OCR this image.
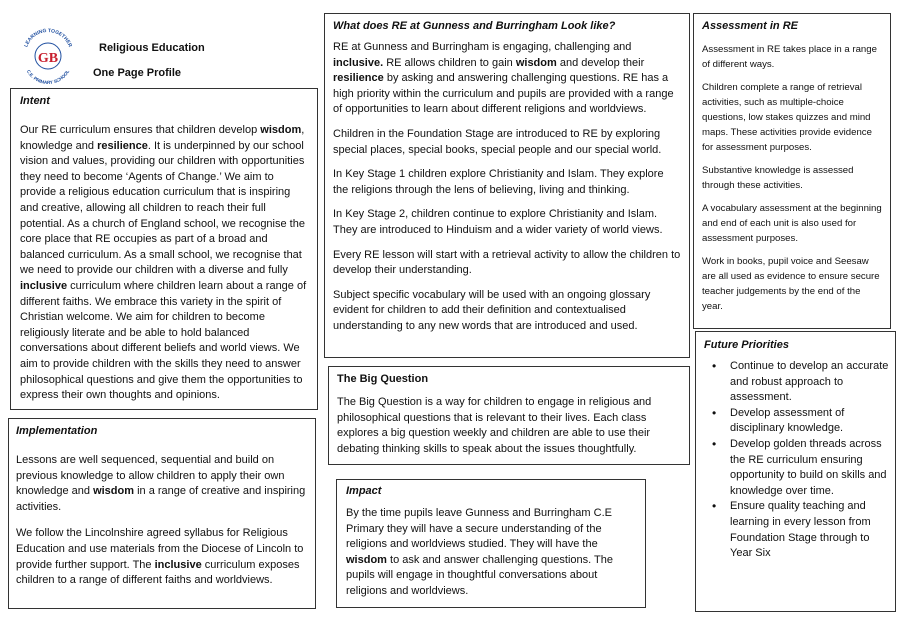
LEARNING TOGETHER
GB
C.E. PRIMARY SCHOOL
Religious Education
One Page Profile
Intent

Our RE curriculum ensures that children develop wisdom, knowledge and resilience. It is underpinned by our school vision and values, providing our children with opportunities they need to become ‘Agents of Change.’ We aim to provide a religious education curriculum that is inspiring and creative, allowing all children to reach their full potential. As a church of England school, we recognise the core place that RE occupies as part of a broad and balanced curriculum. As a small school, we recognise that we need to provide our children with a diverse and fully inclusive curriculum where children learn about a range of different faiths. We embrace this variety in the spirit of Christian welcome. We aim for children to become religiously literate and be able to hold balanced conversations about different beliefs and world views. We aim to provide children with the skills they need to answer philosophical questions and give them the opportunities to express their own thoughts and opinions.

Implementation

Lessons are well sequenced, sequential and build on previous knowledge to allow children to apply their own knowledge and wisdom in a range of creative and inspiring activities.

We follow the Lincolnshire agreed syllabus for Religious Education and use materials from the Diocese of Lincoln to provide further support. The inclusive curriculum exposes children to a range of different faiths and worldviews.

What does RE at Gunness and Burringham Look like?

RE at Gunness and Burringham is engaging, challenging and inclusive. RE allows children to gain wisdom and develop their resilience by asking and answering challenging questions. RE has a high priority within the curriculum and pupils are provided with a range of opportunities to learn about different religions and worldviews.

Children in the Foundation Stage are introduced to RE by exploring special places, special books, special people and our special world.

In Key Stage 1 children explore Christianity and Islam. They explore the religions through the lens of believing, living and thinking.

In Key Stage 2, children continue to explore Christianity and Islam. They are introduced to Hinduism and a wider variety of world views.

Every RE lesson will start with a retrieval activity to allow the children to develop their understanding.

Subject specific vocabulary will be used with an ongoing glossary evident for children to add their definition and contextualised understanding to any new words that are introduced and used.

The Big Question

The Big Question is a way for children to engage in religious and philosophical questions that is relevant to their lives. Each class explores a big question weekly and children are able to use their debating thinking skills to speak about the issues thoughtfully.

Impact

By the time pupils leave Gunness and Burringham C.E Primary they will have a secure understanding of the religions and worldviews studied. They will have the wisdom to ask and answer challenging questions. The pupils will engage in thoughtful conversations about religions and worldviews.

Assessment in RE

Assessment in RE takes place in a range of different ways.

Children complete a range of retrieval activities, such as multiple-choice questions, low stakes quizzes and mind maps. These activities provide evidence for assessment purposes.

Substantive knowledge is assessed through these activities.

A vocabulary assessment at the beginning and end of each unit is also used for assessment purposes.

Work in books, pupil voice and Seesaw are all used as evidence to ensure secure teacher judgements by the end of the year.

Future Priorities
• Continue to develop an accurate and robust approach to assessment.
• Develop assessment of disciplinary knowledge.
• Develop golden threads across the RE curriculum ensuring opportunity to build on skills and knowledge over time.
• Ensure quality teaching and learning in every lesson from Foundation Stage through to Year Six
